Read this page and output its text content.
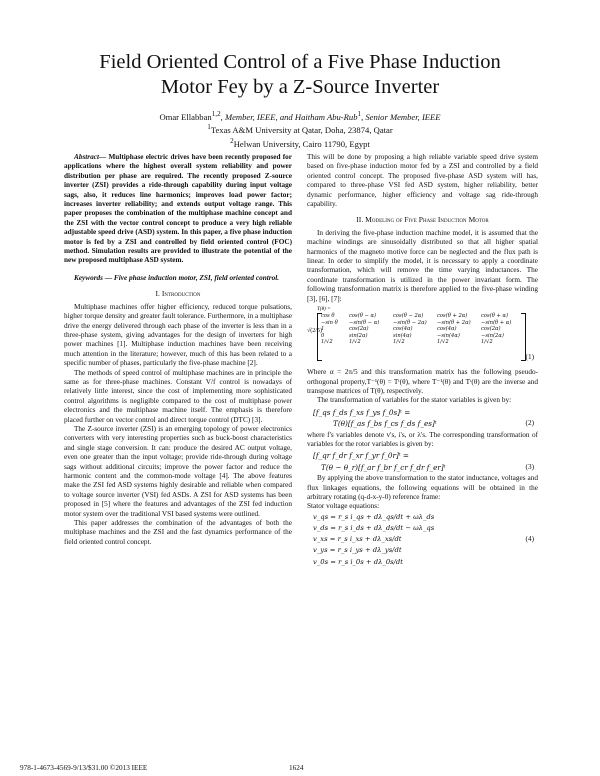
Field Oriented Control of a Five Phase Induction
Motor Fey by a Z-Source Inverter
Omar Ellabban$^{1,2}$, Member, IEEE, and Haitham Abu-Rub$^1$, Senior Member, IEEE
$^1$Texas A&M University at Qatar, Doha, 23874, Qatar
$^2$Helwan University, Cairo 11790, Egypt

Abstract— Multiphase electric drives have been recently proposed for applications where the highest overall system reliability and power distribution per phase are required. The recently proposed Z-source inverter (ZSI) provides a ride-through capability during input voltage sags, also, it reduces line harmonics; improves load power factor; increases inverter reliability; and extends output voltage range. This paper proposes the combination of the multiphase machine concept and the ZSI with the vector control concept to produce a very high reliable adjustable speed drive (ASD) system. In this paper, a five phase induction motor is fed by a ZSI and controlled by field oriented control (FOC) method. Simulation results are provided to illustrate the potential of the new proposed multiphase ASD system.

Keywords — Five phase induction motor, ZSI, field oriented control.

I. Introduction

Multiphase machines offer higher efficiency, reduced torque pulsations, higher torque density and greater fault tolerance. Furthermore, in a multiphase drive the energy delivered through each phase of the inverter is less than in a three-phase system, giving advantages for the design of inverters for high power machines [1]. Multiphase induction machines have been receiving much attention in the literature; however, much of this has been related to a specific number of phases, particularly the five-phase machine [2].

The methods of speed control of multiphase machines are in principle the same as for three-phase machines. Constant V/f control is nowadays of relatively little interest, since the cost of implementing more sophisticated control algorithms is negligible compared to the cost of multiphase power electronics and the multiphase machine itself. The emphasis is therefore placed further on vector control and direct torque control (DTC) [3].

The Z-source inverter (ZSI) is an emerging topology of power electronics converters with very interesting properties such as buck-boost characteristics and single stage conversion. It can: produce the desired AC output voltage, even one greater than the input voltage; provide ride-through during voltage sags without additional circuits; improve the power factor and reduce the harmonic content and the common-mode voltage [4]. The above features make the ZSI fed ASD systems highly desirable and reliable when compared to voltage source inverter (VSI) fed ASDs. A ZSI for ASD systems has been proposed in [5] where the features and advantages of the ZSI fed induction motor system over the traditional VSI based systems were outlined.

This paper addresses the combination of the advantages of both the multiphase machines and the ZSI and the fast dynamics performance of the field oriented control concept.

This will be done by proposing a high reliable variable speed drive system based on five-phase induction motor fed by a ZSI and controlled by a field oriented control concept. The proposed five-phase ASD system will has, compared to three-phase VSI fed ASD system, higher reliability, better dynamic performance, higher efficiency and voltage sag ride-through capability.

II. Modeling of Five Phase Induction Motor

In deriving the five-phase induction machine model, it is assumed that the machine windings are sinusoidally distributed so that all higher spatial harmonics of the magneto motive force can be neglected and the flux path is linear. In order to simplify the model, it is necessary to apply a coordinate transformation, which will remove the time varying inductances. The coordinate transformation is utilized in the power invariant form. The following transformation matrix is therefore applied to the five-phase winding [3], [6], [7]:

T(θ) =
√(2/5)
cos θ	cos(θ − α)	cos(θ − 2α)	cos(θ + 2α)	cos(θ + α)
−sin θ	−sin(θ − α)	−sin(θ − 2α)	−sin(θ + 2α)	−sin(θ + α)
1	cos(2α)	cos(4α)	cos(4α)	cos(2α)
0	sin(2α)	sin(4α)	−sin(4α)	−sin(2α)
1/√2	1/√2	1/√2	1/√2	1/√2
(1)

Where α = 2π/5 and this transformation matrix has the following pseudo-orthogonal property,T⁻¹(θ) = Tᵗ(θ), where T⁻¹(θ) and Tᵗ(θ) are the inverse and transpose matrices of T(θ), respectively.

The transformation of variables for the stator variables is given by:

[f_qs f_ds f_xs f_ys f_0s]ᵗ =
T(θ)[f_as f_bs f_cs f_ds f_es]ᵗ	(2)

where f's variables denote v's, i's, or λ's. The corresponding transformation of variables for the rotor variables is given by:

[f_qr f_dr f_xr f_yr f_0r]ᵗ =
T(θ − θ_r)[f_ar f_br f_cr f_dr f_er]ᵗ	(3)

By applying the above transformation to the stator inductance, voltages and flux linkages equations, the following equations will be obtained in the arbitrary rotating (q-d-x-y-0) reference frame:

Stator voltage equations:

v_qs = r_s i_qs + dλ_qs/dt + ωλ_ds
v_ds = r_s i_ds + dλ_ds/dt − ωλ_qs
v_xs = r_s i_xs + dλ_xs/dt
v_ys = r_s i_ys + dλ_ys/dt
v_0s = r_s i_0s + dλ_0s/dt
(4)
978-1-4673-4569-9/13/$31.00 ©2013 IEEE	1624
